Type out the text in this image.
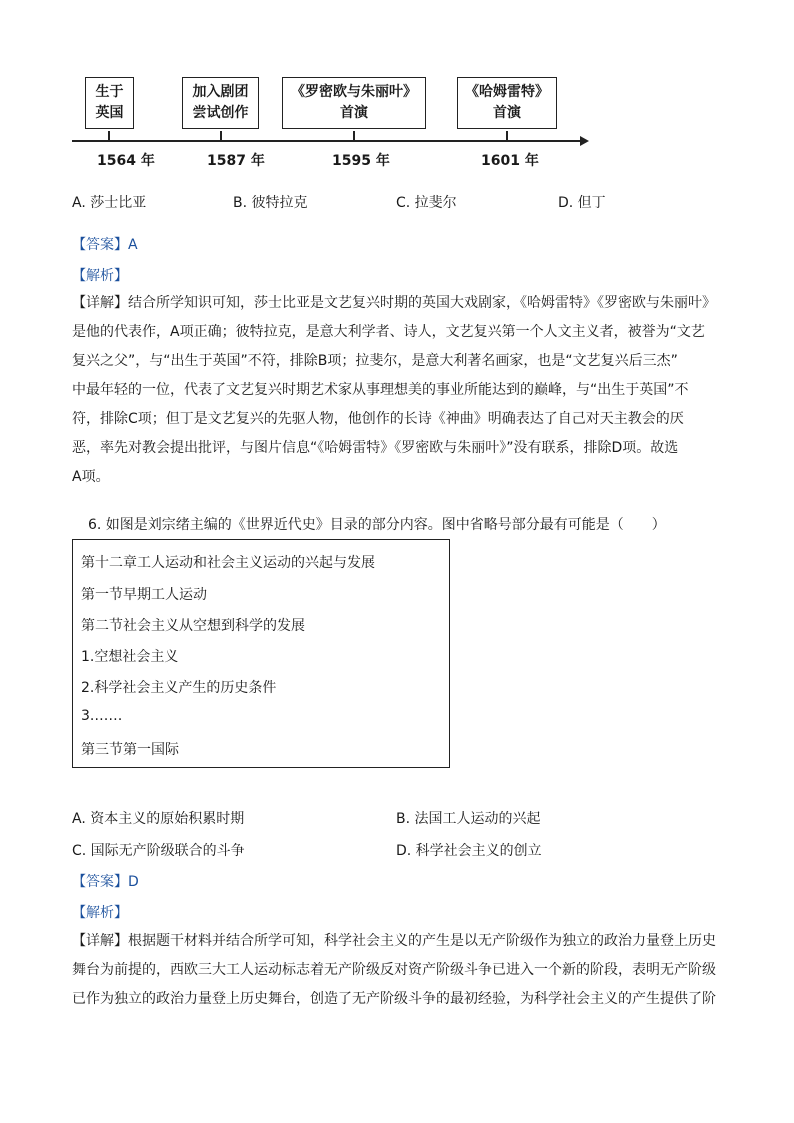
生于
英国
加入剧团
尝试创作
《罗密欧与朱丽叶》
首演
《哈姆雷特》
首演
1564 年	1587 年	1595 年	1601 年
A. 莎士比亚	B. 彼特拉克	C. 拉斐尔	D. 但丁
【答案】A
【解析】
【详解】结合所学知识可知，莎士比亚是文艺复兴时期的英国大戏剧家，《哈姆雷特》《罗密欧与朱丽叶》
是他的代表作，A项正确；彼特拉克，是意大利学者、诗人，文艺复兴第一个人文主义者，被誉为“文艺
复兴之父”，与“出生于英国”不符，排除B项；拉斐尔，是意大利著名画家，也是“文艺复兴后三杰”
中最年轻的一位，代表了文艺复兴时期艺术家从事理想美的事业所能达到的巅峰，与“出生于英国”不
符，排除C项；但丁是文艺复兴的先驱人物，他创作的长诗《神曲》明确表达了自己对天主教会的厌
恶，率先对教会提出批评，与图片信息“《哈姆雷特》《罗密欧与朱丽叶》”没有联系，排除D项。故选
A项。
6. 如图是刘宗绪主编的《世界近代史》目录的部分内容。图中省略号部分最有可能是（　　）
第十二章工人运动和社会主义运动的兴起与发展
第一节早期工人运动
第二节社会主义从空想到科学的发展
1.空想社会主义
2.科学社会主义产生的历史条件
3.……
第三节第一国际
A. 资本主义的原始积累时期	B. 法国工人运动的兴起
C. 国际无产阶级联合的斗争	D. 科学社会主义的创立
【答案】D
【解析】
【详解】根据题干材料并结合所学可知，科学社会主义的产生是以无产阶级作为独立的政治力量登上历史
舞台为前提的，西欧三大工人运动标志着无产阶级反对资产阶级斗争已进入一个新的阶段，表明无产阶级
已作为独立的政治力量登上历史舞台，创造了无产阶级斗争的最初经验，为科学社会主义的产生提供了阶
